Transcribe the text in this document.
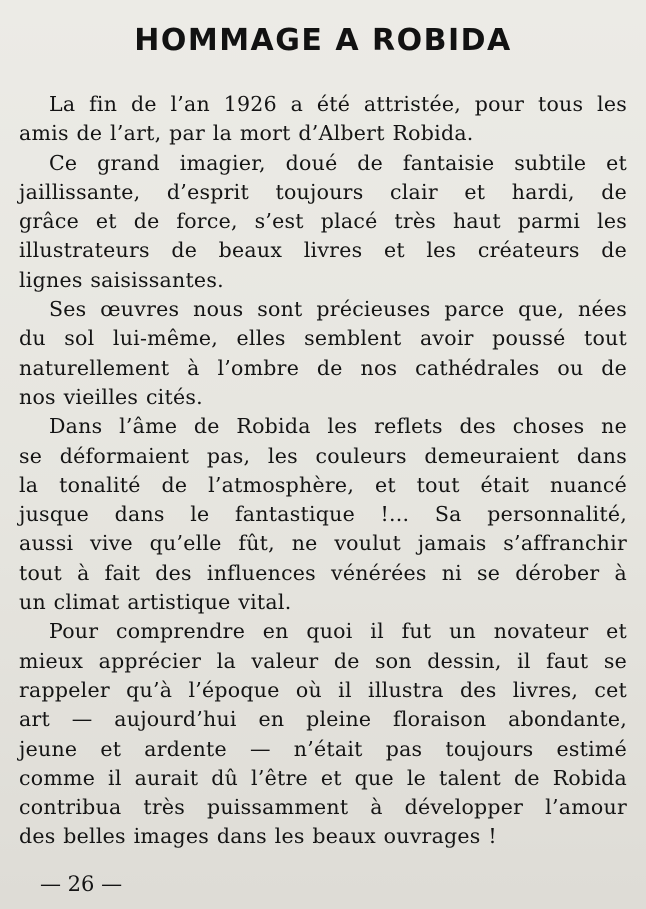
HOMMAGE A ROBIDA

La fin de l’an 1926 a été attristée, pour tous les
amis de l’art, par la mort d’Albert Robida.

Ce grand imagier, doué de fantaisie subtile et
jaillissante, d’esprit toujours clair et hardi, de
grâce et de force, s’est placé très haut parmi les
illustrateurs de beaux livres et les créateurs de
lignes saisissantes.

Ses œuvres nous sont précieuses parce que, nées
du sol lui-même, elles semblent avoir poussé tout
naturellement à l’ombre de nos cathédrales ou de
nos vieilles cités.

Dans l’âme de Robida les reflets des choses ne
se déformaient pas, les couleurs demeuraient dans
la tonalité de l’atmosphère, et tout était nuancé
jusque dans le fantastique !... Sa personnalité,
aussi vive qu’elle fût, ne voulut jamais s’affranchir
tout à fait des influences vénérées ni se dérober à
un climat artistique vital.

Pour comprendre en quoi il fut un novateur et
mieux apprécier la valeur de son dessin, il faut se
rappeler qu’à l’époque où il illustra des livres, cet
art — aujourd’hui en pleine floraison abondante,
jeune et ardente — n’était pas toujours estimé
comme il aurait dû l’être et que le talent de Robida
contribua très puissamment à développer l’amour
des belles images dans les beaux ouvrages !

— 26 —
